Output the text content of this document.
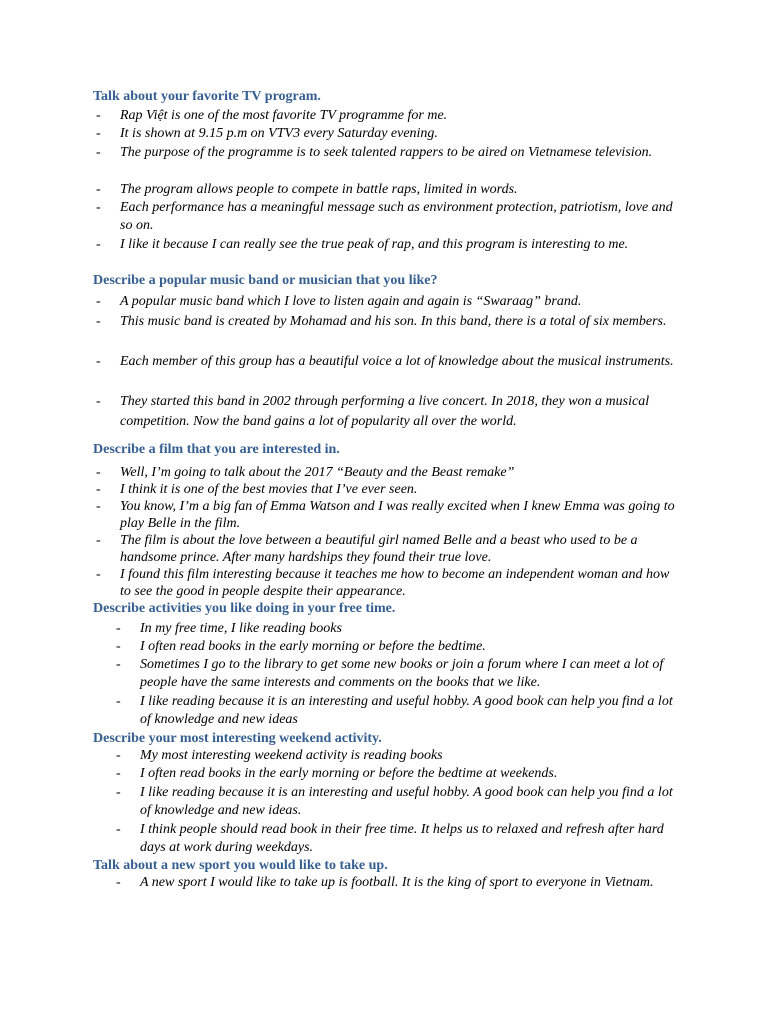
Talk about your favorite TV program.
-	Rap Việt is one of the most favorite TV programme for me.
-	It is shown at 9.15 p.m on VTV3 every Saturday evening.
-	The purpose of the programme is to seek talented rappers to be aired on Vietnamese television.
-	The program allows people to compete in battle raps, limited in words.
-	Each performance has a meaningful message such as environment protection, patriotism, love and so on.
-	I like it because I can really see the true peak of rap, and this program is interesting to me.
Describe a popular music band or musician that you like?
-	A popular music band which I love to listen again and again is “Swaraag” brand.
-	This music band is created by Mohamad and his son. In this band, there is a total of six members.
-	Each member of this group has a beautiful voice a lot of knowledge about the musical instruments.
-	They started this band in 2002 through performing a live concert. In 2018, they won a musical competition. Now the band gains a lot of popularity all over the world.
Describe a film that you are interested in.
-	Well, I’m going to talk about the 2017 “Beauty and the Beast remake”
-	I think it is one of the best movies that I’ve ever seen.
-	You know, I’m a big fan of Emma Watson and I was really excited when I knew Emma was going to play Belle in the film.
-	The film is about the love between a beautiful girl named Belle and a beast who used to be a handsome prince. After many hardships they found their true love.
-	I found this film interesting because it teaches me how to become an independent woman and how to see the good in people despite their appearance.
Describe activities you like doing in your free time.
-	In my free time, I like reading books
-	I often read books in the early morning or before the bedtime.
-	Sometimes I go to the library to get some new books or join a forum where I can meet a lot of people have the same interests and comments on the books that we like.
-	I like reading because it is an interesting and useful hobby. A good book can help you find a lot of knowledge and new ideas
Describe your most interesting weekend activity.
-	My most interesting weekend activity is reading books
-	I often read books in the early morning or before the bedtime at weekends.
-	I like reading because it is an interesting and useful hobby. A good book can help you find a lot of knowledge and new ideas.
-	I think people should read book in their free time. It helps us to relaxed and refresh after hard days at work during weekdays.
Talk about a new sport you would like to take up.
-	A new sport I would like to take up is football. It is the king of sport to everyone in Vietnam.
